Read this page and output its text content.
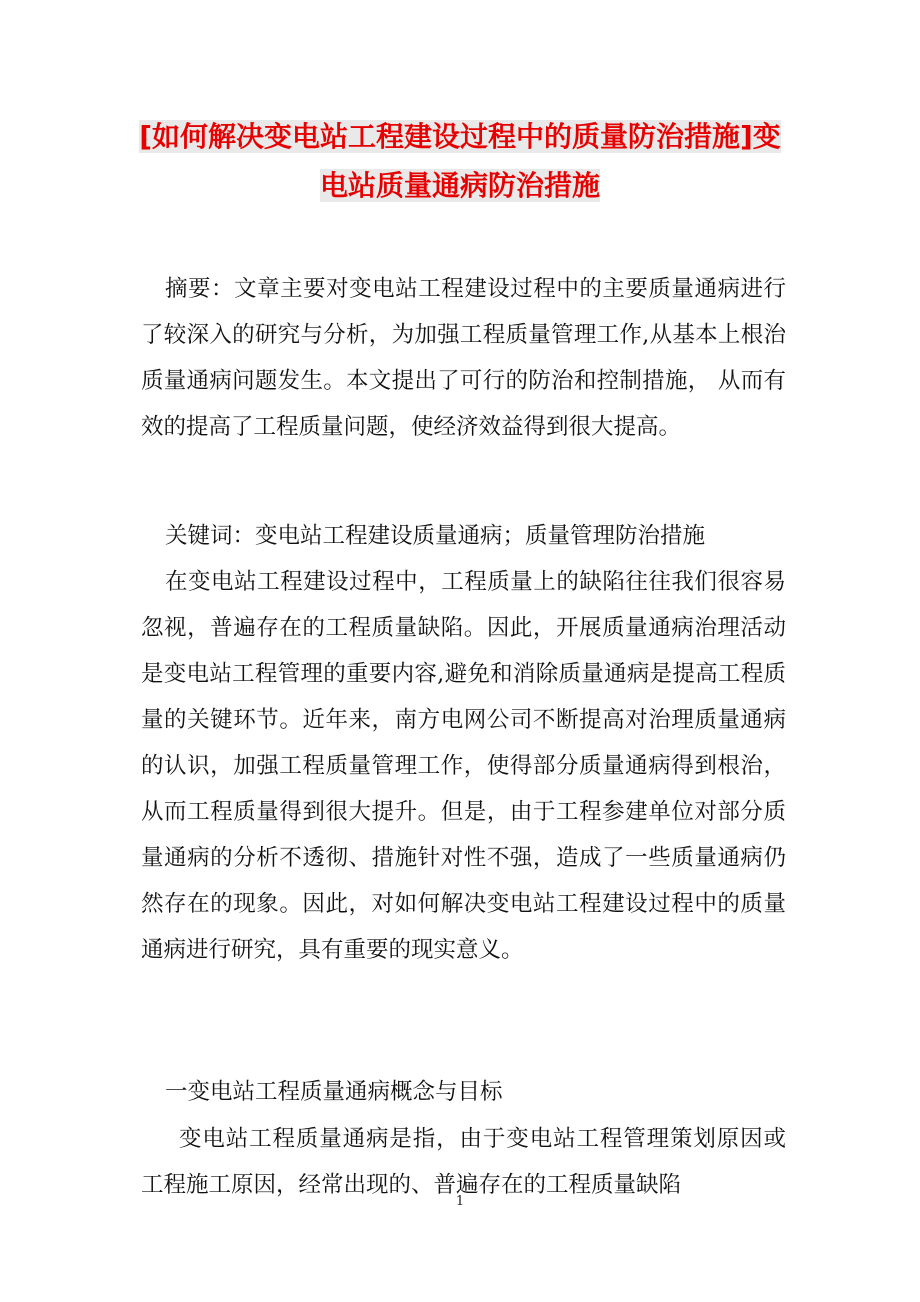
[如何解决变电站工程建设过程中的质量防治措施]变
电站质量通病防治措施

摘要：文章主要对变电站工程建设过程中的主要质量通病进行了较深入的研究与分析，为加强工程质量管理工作,从基本上根治质量通病问题发生。本文提出了可行的防治和控制措施， 从而有效的提高了工程质量问题，使经济效益得到很大提高。

关键词：变电站工程建设质量通病；质量管理防治措施

在变电站工程建设过程中，工程质量上的缺陷往往我们很容易忽视，普遍存在的工程质量缺陷。因此，开展质量通病治理活动是变电站工程管理的重要内容,避免和消除质量通病是提高工程质量的关键环节。近年来，南方电网公司不断提高对治理质量通病的认识，加强工程质量管理工作，使得部分质量通病得到根治，从而工程质量得到很大提升。但是，由于工程参建单位对部分质量通病的分析不透彻、措施针对性不强，造成了一些质量通病仍然存在的现象。因此，对如何解决变电站工程建设过程中的质量通病进行研究，具有重要的现实意义。

一变电站工程质量通病概念与目标

变电站工程质量通病是指，由于变电站工程管理策划原因或工程施工原因，经常出现的、普遍存在的工程质量缺陷

1
